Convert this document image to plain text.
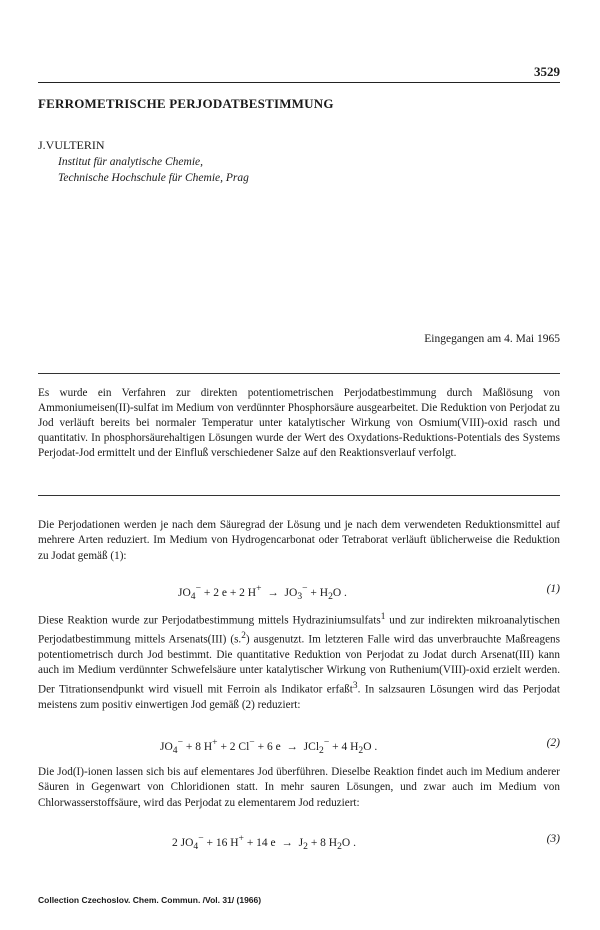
3529
FERROMETRISCHE PERJODATBESTIMMUNG
J.VULTERIN
Institut für analytische Chemie,
Technische Hochschule für Chemie, Prag
Eingegangen am 4. Mai 1965

Es wurde ein Verfahren zur direkten potentiometrischen Perjodatbestimmung durch Maßlösung von Ammoniumeisen(II)-sulfat im Medium von verdünnter Phosphorsäure ausgearbeitet. Die Reduktion von Perjodat zu Jod verläuft bereits bei normaler Temperatur unter katalytischer Wirkung von Osmium(VIII)-oxid rasch und quantitativ. In phosphorsäurehaltigen Lösungen wurde der Wert des Oxydations-Reduktions-Potentials des Systems Perjodat-Jod ermittelt und der Einfluß verschiedener Salze auf den Reaktionsverlauf verfolgt.

Die Perjodationen werden je nach dem Säuregrad der Lösung und je nach dem verwendeten Reduktionsmittel auf mehrere Arten reduziert. Im Medium von Hydrogencarbonat oder Tetraborat verläuft üblicherweise die Reduktion zu Jodat gemäß (1):

$JO_4^- + 2$ e + 2 $H^+ \to JO_3^- + H_2O$ .	(1)

Diese Reaktion wurde zur Perjodatbestimmung mittels Hydraziniumsulfats$^1$ und zur indirekten mikroanalytischen Perjodatbestimmung mittels Arsenats(III) (s.$^2$) ausgenutzt. Im letzteren Falle wird das unverbrauchte Maßreagens potentiometrisch durch Jod bestimmt. Die quantitative Reduktion von Perjodat zu Jodat durch Arsenat(III) kann auch im Medium verdünnter Schwefelsäure unter katalytischer Wirkung von Ruthenium(VIII)-oxid erzielt werden. Der Titrationsendpunkt wird visuell mit Ferroin als Indikator erfaßt$^3$. In salzsauren Lösungen wird das Perjodat meistens zum positiv einwertigen Jod gemäß (2) reduziert:

$JO_4^- + 8$ H+ + 2 Cl− + 6 e  →  JCl$_2$− + 4 $H_2O$ .	(2)

Die Jod(I)-ionen lassen sich bis auf elementares Jod überführen. Dieselbe Reaktion findet auch im Medium anderer Säuren in Gegenwart von Chloridionen statt. In mehr sauren Lösungen, und zwar auch im Medium von Chlorwasserstoffsäure, wird das Perjodat zu elementarem Jod reduziert:

2 $JO_4^- + 16$ H+ + 14 $e \to J_2 + 8$ $H_2O$ .	(3)
Collection Czechoslov. Chem. Commun. /Vol. 31/ (1966)
